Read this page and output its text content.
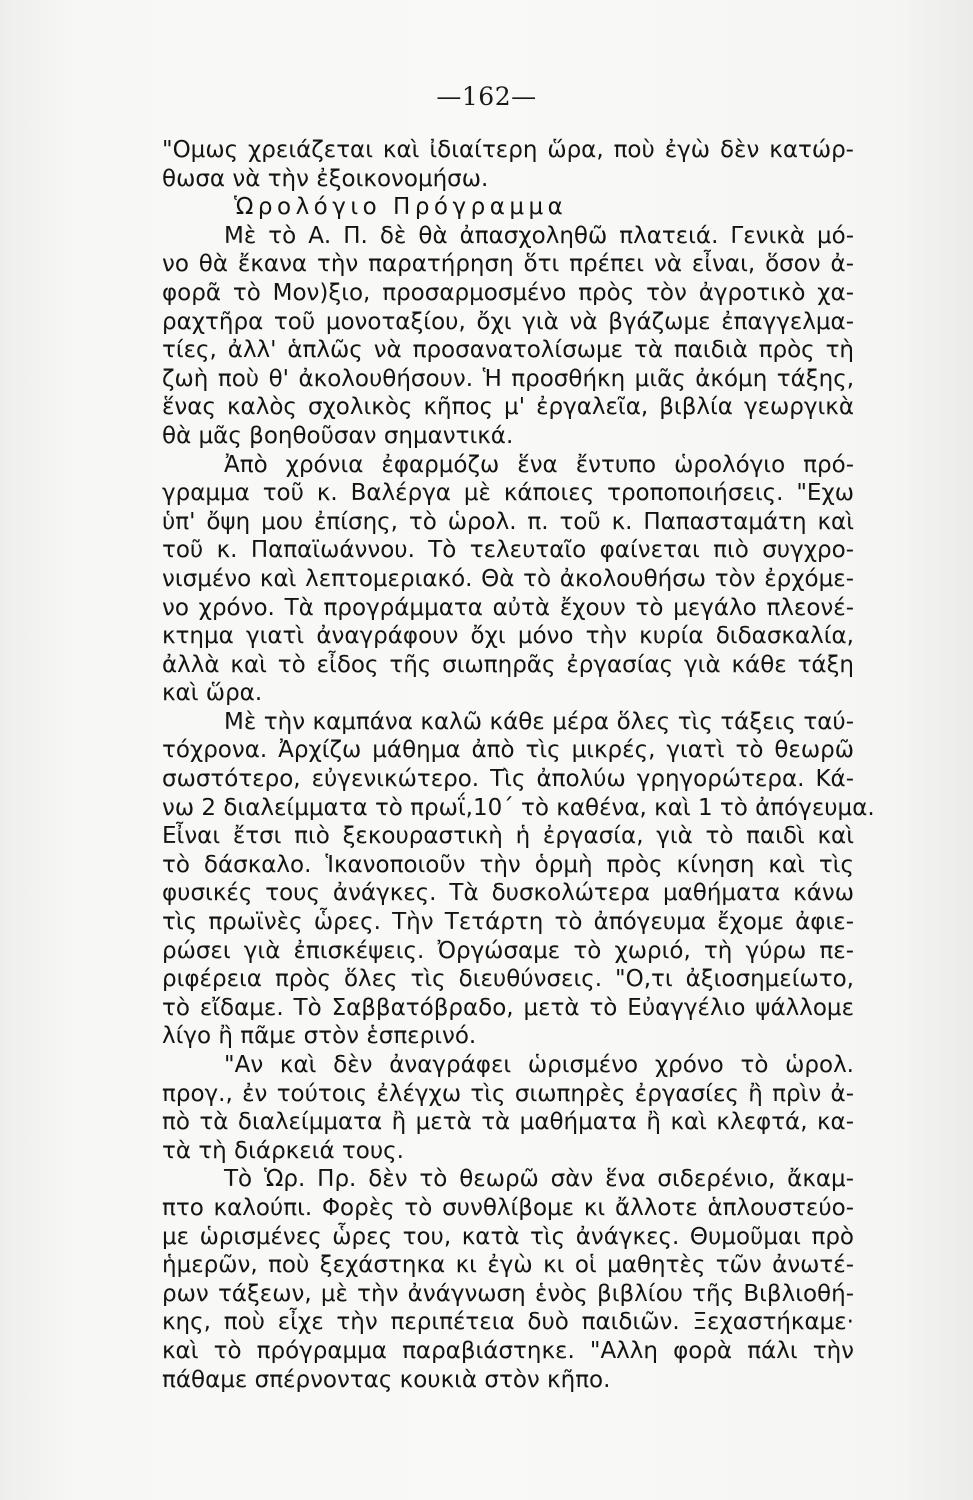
—162—
"Ομως χρειάζεται καὶ ἰδιαίτερη ὥρα, ποὺ ἐγὼ δὲν κατώρ-
θωσα νὰ τὴν ἐξοικονομήσω.
Ὡρολόγιο Πρόγραμμα
Μὲ τὸ Α. Π. δὲ θὰ ἀπασχοληθῶ πλατειά. Γενικὰ μό-
νο θὰ ἔκανα τὴν παρατήρηση ὅτι πρέπει νὰ εἶναι, ὅσον ἀ-
φορᾶ τὸ Μον)ξιο, προσαρμοσμένο πρὸς τὸν ἀγροτικὸ χα-
ραχτῆρα τοῦ μονοταξίου, ὄχι γιὰ νὰ βγάζωμε ἐπαγγελμα-
τίες, ἀλλ' ἁπλῶς νὰ προσανατολίσωμε τὰ παιδιὰ πρὸς τὴ
ζωὴ ποὺ θ' ἀκολουθήσουν. Ἡ προσθήκη μιᾶς ἀκόμη τάξης,
ἕνας καλὸς σχολικὸς κῆπος μ' ἐργαλεῖα, βιβλία γεωργικὰ
θὰ μᾶς βοηθοῦσαν σημαντικά.
Ἀπὸ χρόνια ἐφαρμόζω ἕνα ἔντυπο ὡρολόγιο πρό-
γραμμα τοῦ κ. Βαλέργα μὲ κάποιες τροποποιήσεις. "Εχω
ὑπ' ὄψη μου ἐπίσης, τὸ ὡρολ. π. τοῦ κ. Παπασταμάτη καὶ
τοῦ κ. Παπαϊωάννου. Τὸ τελευταῖο φαίνεται πιὸ συγχρο-
νισμένο καὶ λεπτομεριακό. Θὰ τὸ ἀκολουθήσω τὸν ἐρχόμε-
νο χρόνο. Τὰ προγράμματα αὐτὰ ἔχουν τὸ μεγάλο πλεονέ-
κτημα γιατὶ ἀναγράφουν ὄχι μόνο τὴν κυρία διδασκαλία,
ἀλλὰ καὶ τὸ εἶδος τῆς σιωπηρᾶς ἐργασίας γιὰ κάθε τάξη
καὶ ὥρα.
Μὲ τὴν καμπάνα καλῶ κάθε μέρα ὅλες τὶς τάξεις ταύ-
τόχρονα. Ἀρχίζω μάθημα ἀπὸ τὶς μικρές, γιατὶ τὸ θεωρῶ
σωστότερο, εὐγενικώτερο. Τὶς ἀπολύω γρηγορώτερα. Κά-
νω 2 διαλείμματα τὸ πρωΐ,10΄ τὸ καθένα, καὶ 1 τὸ ἀπόγευμα.
Εἶναι ἔτσι πιὸ ξεκουραστικὴ ἡ ἐργασία, γιὰ τὸ παιδὶ καὶ
τὸ δάσκαλο. Ἱκανοποιοῦν τὴν ὁρμὴ πρὸς κίνηση καὶ τὶς
φυσικές τους ἀνάγκες. Τὰ δυσκολώτερα μαθήματα κάνω
τὶς πρωϊνὲς ὧρες. Τὴν Τετάρτη τὸ ἀπόγευμα ἔχομε ἀφιε-
ρώσει γιὰ ἐπισκέψεις. Ὀργώσαμε τὸ χωριό, τὴ γύρω πε-
ριφέρεια πρὸς ὅλες τὶς διευθύνσεις. "Ο,τι ἀξιοσημείωτο,
τὸ εἴδαμε. Τὸ Σαββατόβραδο, μετὰ τὸ Εὐαγγέλιο ψάλλομε
λίγο ἢ πᾶμε στὸν ἑσπερινό.
"Αν καὶ δὲν ἀναγράφει ὡρισμένο χρόνο τὸ ὡρολ.
προγ., ἐν τούτοις ἐλέγχω τὶς σιωπηρὲς ἐργασίες ἢ πρὶν ἀ-
πὸ τὰ διαλείμματα ἢ μετὰ τὰ μαθήματα ἢ καὶ κλεφτά, κα-
τὰ τὴ διάρκειά τους.
Τὸ Ὡρ. Πρ. δὲν τὸ θεωρῶ σὰν ἕνα σιδερένιο, ἄκαμ-
πτο καλούπι. Φορὲς τὸ συνθλίβομε κι ἄλλοτε ἁπλουστεύο-
με ὡρισμένες ὧρες του, κατὰ τὶς ἀνάγκες. Θυμοῦμαι πρὸ
ἡμερῶν, ποὺ ξεχάστηκα κι ἐγὼ κι οἱ μαθητὲς τῶν ἀνωτέ-
ρων τάξεων, μὲ τὴν ἀνάγνωση ἑνὸς βιβλίου τῆς Βιβλιοθή-
κης, ποὺ εἶχε τὴν περιπέτεια δυὸ παιδιῶν. Ξεχαστήκαμε·
καὶ τὸ πρόγραμμα παραβιάστηκε. "Αλλη φορὰ πάλι τὴν
πάθαμε σπέρνοντας κουκιὰ στὸν κῆπο.
